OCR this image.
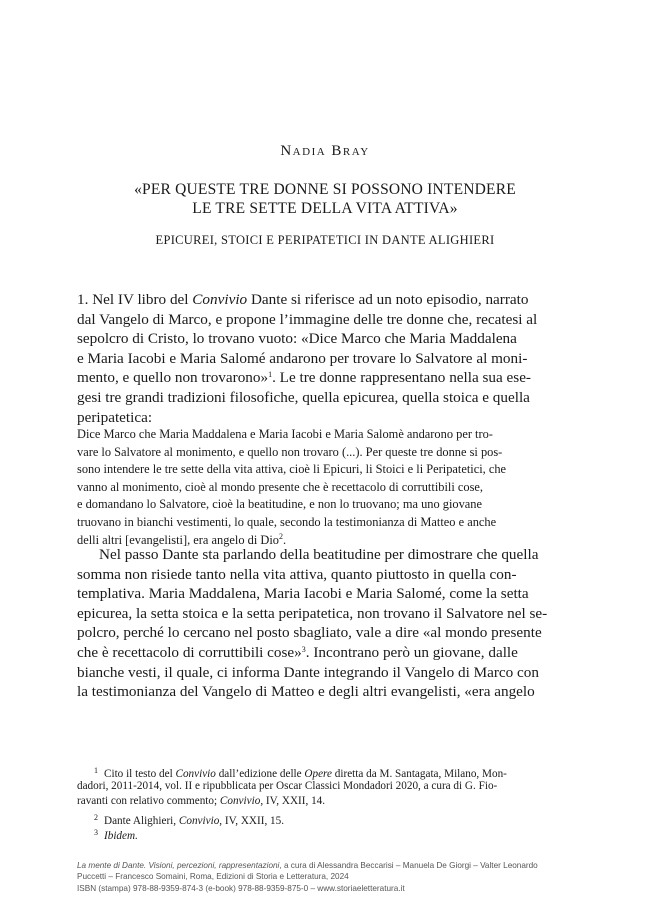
Nadia Bray
«PER QUESTE TRE DONNE SI POSSONO INTENDERE
LE TRE SETTE DELLA VITA ATTIVA»
EPICUREI, STOICI E PERIPATETICI IN DANTE ALIGHIERI
1. Nel IV libro del Convivio Dante si riferisce ad un noto episodio, narrato
dal Vangelo di Marco, e propone l’immagine delle tre donne che, recatesi al
sepolcro di Cristo, lo trovano vuoto: «Dice Marco che Maria Maddalena
e Maria Iacobi e Maria Salomé andarono per trovare lo Salvatore al moni-
mento, e quello non trovarono»$^1$. Le tre donne rappresentano nella sua ese-
gesi tre grandi tradizioni filosofiche, quella epicurea, quella stoica e quella
peripatetica:
Dice Marco che Maria Maddalena e Maria Iacobi e Maria Salomè andarono per tro-
vare lo Salvatore al monimento, e quello non trovaro (...). Per queste tre donne si pos-
sono intendere le tre sette della vita attiva, cioè li Epicuri, li Stoici e li Peripatetici, che
vanno al monimento, cioè al mondo presente che è recettacolo di corruttibili cose,
e domandano lo Salvatore, cioè la beatitudine, e non lo truovano; ma uno giovane
truovano in bianchi vestimenti, lo quale, secondo la testimonianza di Matteo e anche
delli altri [evangelisti], era angelo di Dio$^2$.
Nel passo Dante sta parlando della beatitudine per dimostrare che quella
somma non risiede tanto nella vita attiva, quanto piuttosto in quella con-
templativa. Maria Maddalena, Maria Iacobi e Maria Salomé, come la setta
epicurea, la setta stoica e la setta peripatetica, non trovano il Salvatore nel se-
polcro, perché lo cercano nel posto sbagliato, vale a dire «al mondo presente
che è recettacolo di corruttibili cose»$^3$. Incontrano però un giovane, dalle
bianche vesti, il quale, ci informa Dante integrando il Vangelo di Marco con
la testimonianza del Vangelo di Matteo e degli altri evangelisti, «era angelo
$^1$ Cito il testo del Convivio dall’edizione delle Opere diretta da M. Santagata, Milano, Mon-
dadori, 2011-2014, vol. II e ripubblicata per Oscar Classici Mondadori 2020, a cura di G. Fio-
ravanti con relativo commento; Convivio, IV, XXII, 14.
$^2$ Dante Alighieri, Convivio, IV, XXII, 15.
$^3$ Ibidem.
La mente di Dante. Visioni, percezioni, rappresentazioni, a cura di Alessandra Beccarisi – Manuela De Giorgi – Valter Leonardo
Puccetti – Francesco Somaini, Roma, Edizioni di Storia e Letteratura, 2024
ISBN (stampa) 978-88-9359-874-3 (e-book) 978-88-9359-875-0 – www.storiaeletteratura.it
